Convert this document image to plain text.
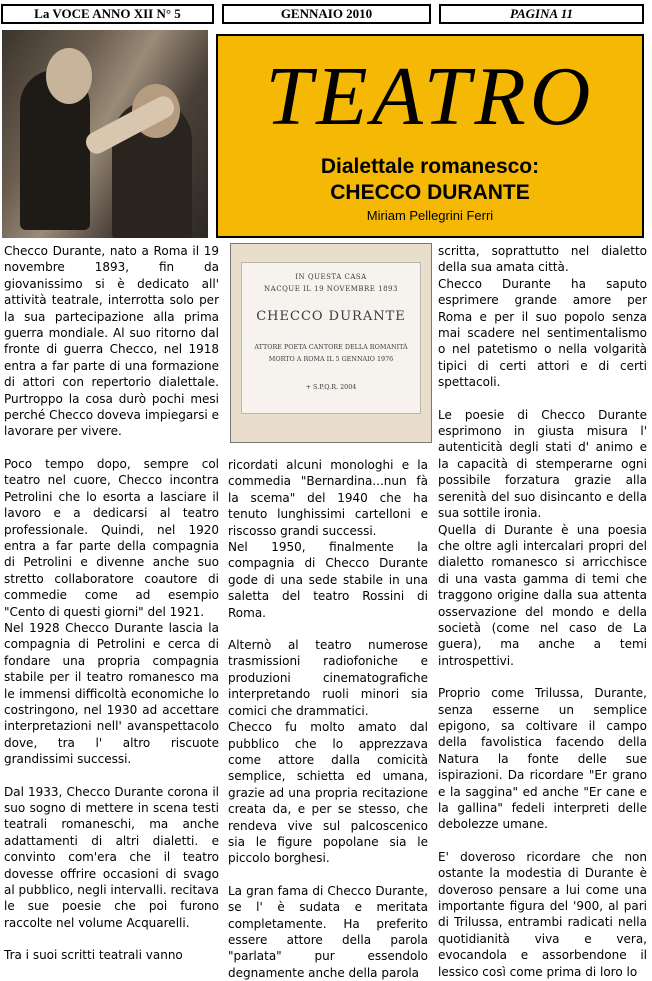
La VOCE ANNO XII N° 5	GENNAIO 2010	PAGINA 11
TEATRO
Dialettale romanesco:
CHECCO DURANTE
Miriam Pellegrini Ferri

Checco Durante, nato a Roma il 19 novembre 1893, fin da giovanissimo si è dedicato all' attività teatrale, interrotta solo per la sua partecipazione alla prima guerra mondiale. Al suo ritorno dal fronte di guerra Checco, nel 1918 entra a far parte di una formazione di attori con repertorio dialettale. Purtroppo la cosa durò pochi mesi perché Checco doveva impiegarsi e lavorare per vivere.

Poco tempo dopo, sempre col teatro nel cuore, Checco incontra Petrolini che lo esorta a lasciare il lavoro e a dedicarsi al teatro professionale. Quindi, nel 1920 entra a far parte della compagnia di Petrolini e divenne anche suo stretto collaboratore coautore di commedie come ad esempio "Cento di questi giorni" del 1921.

Nel 1928 Checco Durante lascia la compagnia di Petrolini e cerca di fondare una propria compagnia stabile per il teatro romanesco ma le immensi difficoltà economiche lo costringono, nel 1930 ad accettare interpretazioni nell' avanspettacolo dove, tra l' altro riscuote grandissimi successi.

Dal 1933, Checco Durante corona il suo sogno di mettere in scena testi teatrali romaneschi, ma anche adattamenti di altri dialetti. e convinto com'era che il teatro dovesse offrire occasioni di svago al pubblico, negli intervalli. recitava le sue poesie che poi furono raccolte nel volume Acquarelli.

Tra i suoi scritti teatrali vanno

IN QUESTA CASA
NACQUE IL 19 NOVEMBRE 1893
CHECCO DURANTE
ATTORE POETA CANTORE DELLA ROMANITÀ
MORTO A ROMA IL 5 GENNAIO 1976
+ S.P.Q.R. 2004

ricordati alcuni monologhi e la commedia "Bernardina...nun fà la scema" del 1940 che ha tenuto lunghissimi cartelloni e riscosso grandi successi.

Nel 1950, finalmente la compagnia di Checco Durante gode di una sede stabile in una saletta del teatro Rossini di Roma.

Alternò al teatro numerose trasmissioni radiofoniche e produzioni cinematografiche interpretando ruoli minori sia comici che drammatici.

Checco fu molto amato dal pubblico che lo apprezzava come attore dalla comicità semplice, schietta ed umana, grazie ad una propria recitazione creata da, e per se stesso, che rendeva vive sul palcoscenico sia le figure popolane sia le piccolo borghesi.

La gran fama di Checco Durante, se l' è sudata e meritata completamente. Ha preferito essere attore della parola "parlata" pur essendolo degnamente anche della parola

scritta, soprattutto nel dialetto della sua amata città.

Checco Durante ha saputo esprimere grande amore per Roma e per il suo popolo senza mai scadere nel sentimentalismo o nel patetismo o nella volgarità tipici di certi attori e di certi spettacoli.

Le poesie di Checco Durante esprimono in giusta misura l' autenticità degli stati d' animo e la capacità di stemperarne ogni possibile forzatura grazie alla serenità del suo disincanto e della sua sottile ironia.

Quella di Durante è una poesia che oltre agli intercalari propri del dialetto romanesco si arricchisce di una vasta gamma di temi che traggono origine dalla sua attenta osservazione del mondo e della società (come nel caso de La guera), ma anche a temi introspettivi.

Proprio come Trilussa, Durante, senza esserne un semplice epigono, sa coltivare il campo della favolistica facendo della Natura la fonte delle sue ispirazioni. Da ricordare "Er grano e la saggina" ed anche "Er cane e la gallina" fedeli interpreti delle debolezze umane.

E' doveroso ricordare che non ostante la modestia di Durante è doveroso pensare a lui come una importante figura del '900, al pari di Trilussa, entrambi radicati nella quotidianità viva e vera, evocandola e assorbendone il lessico così come prima di loro lo
